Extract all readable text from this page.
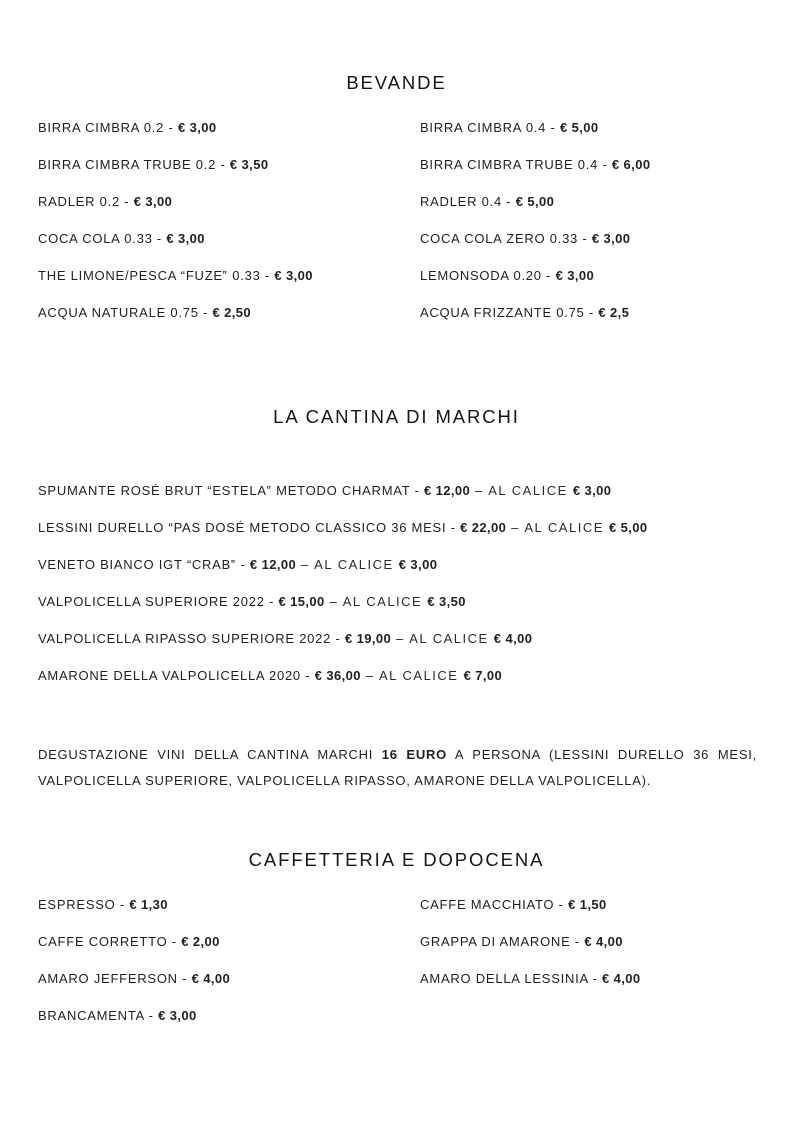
BEVANDE
BIRRA CIMBRA 0.2 - € 3,00
BIRRA CIMBRA TRUBE 0.2 - € 3,50
RADLER 0.2 - € 3,00
COCA COLA 0.33 - € 3,00
THE LIMONE/PESCA “FUZE‟ 0.33 - € 3,00
ACQUA NATURALE 0.75 - € 2,50
BIRRA CIMBRA 0.4 - € 5,00
BIRRA CIMBRA TRUBE 0.4 - € 6,00
RADLER 0.4 - € 5,00
COCA COLA ZERO 0.33 - € 3,00
LEMONSODA 0.20 - € 3,00
ACQUA FRIZZANTE 0.75 - € 2,5
LA CANTINA DI MARCHI
SPUMANTE ROSÉ BRUT “ESTELA‟ METODO CHARMAT - € 12,00 – AL CALICE € 3,00
LESSINI DURELLO “PAS DOSÉ METODO CLASSICO 36 MESI - € 22,00 – AL CALICE € 5,00
VENETO BIANCO IGT “CRAB‟ - € 12,00 – AL CALICE € 3,00
VALPOLICELLA SUPERIORE 2022 - € 15,00 – AL CALICE € 3,50
VALPOLICELLA RIPASSO SUPERIORE 2022 - € 19,00 – AL CALICE € 4,00
AMARONE DELLA VALPOLICELLA 2020 - € 36,00 – AL CALICE € 7,00
DEGUSTAZIONE VINI DELLA CANTINA MARCHI 16 EURO A PERSONA (LESSINI DURELLO 36 MESI, VALPOLICELLA SUPERIORE, VALPOLICELLA RIPASSO, AMARONE DELLA VALPOLICELLA).
CAFFETTERIA E DOPOCENA
ESPRESSO - € 1,30
CAFFE CORRETTO - € 2,00
AMARO JEFFERSON - € 4,00
BRANCAMENTA - € 3,00
CAFFE MACCHIATO - € 1,50
GRAPPA DI AMARONE - € 4,00
AMARO DELLA LESSINIA - € 4,00
